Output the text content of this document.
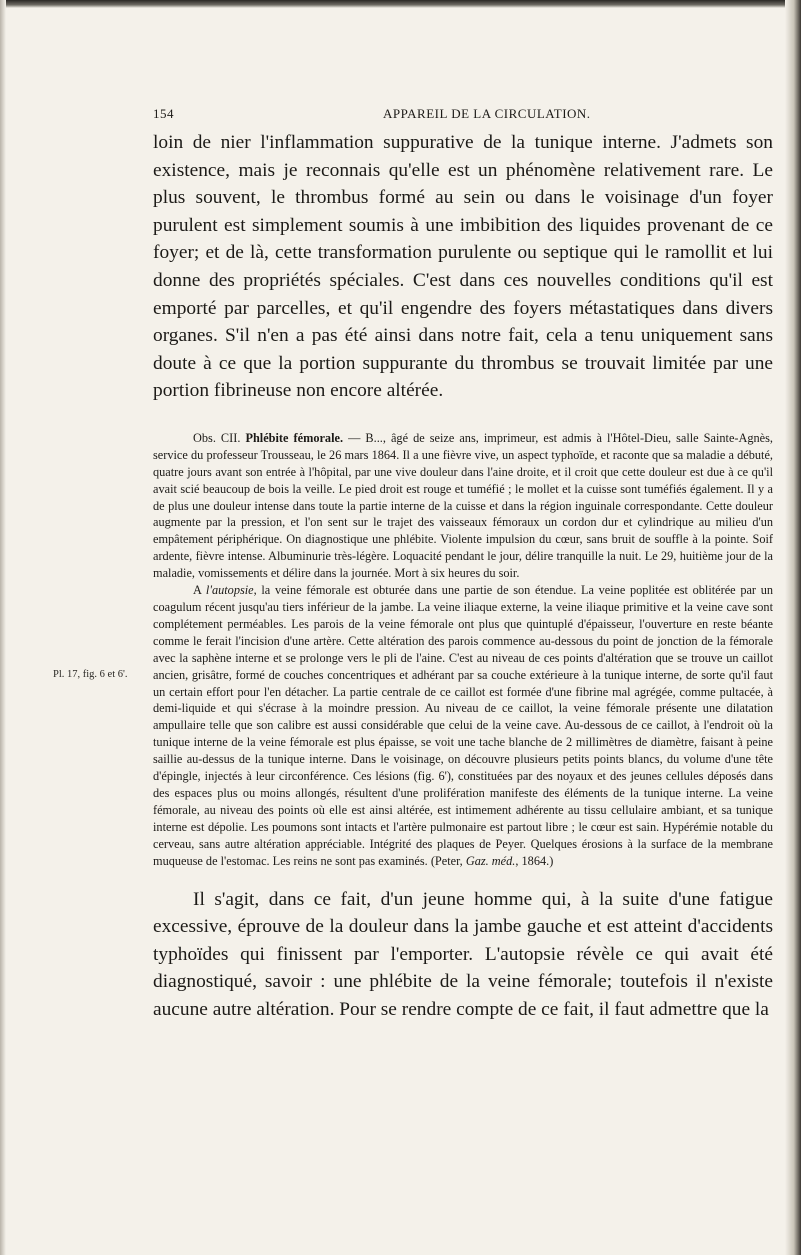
154	APPAREIL DE LA CIRCULATION.
Pl. 17, fig. 6 et 6'.

loin de nier l'inflammation suppurative de la tunique interne. J'admets son existence, mais je reconnais qu'elle est un phénomène relativement rare. Le plus souvent, le thrombus formé au sein ou dans le voisinage d'un foyer purulent est simplement soumis à une imbibition des liquides provenant de ce foyer; et de là, cette transformation purulente ou septique qui le ramollit et lui donne des propriétés spéciales. C'est dans ces nouvelles conditions qu'il est emporté par parcelles, et qu'il engendre des foyers métastatiques dans divers organes. S'il n'en a pas été ainsi dans notre fait, cela a tenu uniquement sans doute à ce que la portion suppurante du thrombus se trouvait limitée par une portion fibrineuse non encore altérée.

Obs. CII. Phlébite fémorale. — B..., âgé de seize ans, imprimeur, est admis à l'Hôtel-Dieu, salle Sainte-Agnès, service du professeur Trousseau, le 26 mars 1864. Il a une fièvre vive, un aspect typhoïde, et raconte que sa maladie a débuté, quatre jours avant son entrée à l'hôpital, par une vive douleur dans l'aine droite, et il croit que cette douleur est due à ce qu'il avait scié beaucoup de bois la veille. Le pied droit est rouge et tuméfié ; le mollet et la cuisse sont tuméfiés également. Il y a de plus une douleur intense dans toute la partie interne de la cuisse et dans la région inguinale correspondante. Cette douleur augmente par la pression, et l'on sent sur le trajet des vaisseaux fémoraux un cordon dur et cylindrique au milieu d'un empâtement périphérique. On diagnostique une phlébite. Violente impulsion du cœur, sans bruit de souffle à la pointe. Soif ardente, fièvre intense. Albuminurie très-légère. Loquacité pendant le jour, délire tranquille la nuit. Le 29, huitième jour de la maladie, vomissements et délire dans la journée. Mort à six heures du soir.

A l'autopsie, la veine fémorale est obturée dans une partie de son étendue. La veine poplitée est oblitérée par un coagulum récent jusqu'au tiers inférieur de la jambe. La veine iliaque externe, la veine iliaque primitive et la veine cave sont complétement perméables. Les parois de la veine fémorale ont plus que quintuplé d'épaisseur, l'ouverture en reste béante comme le ferait l'incision d'une artère. Cette altération des parois commence au-dessous du point de jonction de la fémorale avec la saphène interne et se prolonge vers le pli de l'aine. C'est au niveau de ces points d'altération que se trouve un caillot ancien, grisâtre, formé de couches concentriques et adhérant par sa couche extérieure à la tunique interne, de sorte qu'il faut un certain effort pour l'en détacher. La partie centrale de ce caillot est formée d'une fibrine mal agrégée, comme pultacée, à demi-liquide et qui s'écrase à la moindre pression. Au niveau de ce caillot, la veine fémorale présente une dilatation ampullaire telle que son calibre est aussi considérable que celui de la veine cave. Au-dessous de ce caillot, à l'endroit où la tunique interne de la veine fémorale est plus épaisse, se voit une tache blanche de 2 millimètres de diamètre, faisant à peine saillie au-dessus de la tunique interne. Dans le voisinage, on découvre plusieurs petits points blancs, du volume d'une tête d'épingle, injectés à leur circonférence. Ces lésions (fig. 6'), constituées par des noyaux et des jeunes cellules déposés dans des espaces plus ou moins allongés, résultent d'une prolifération manifeste des éléments de la tunique interne. La veine fémorale, au niveau des points où elle est ainsi altérée, est intimement adhérente au tissu cellulaire ambiant, et sa tunique interne est dépolie. Les poumons sont intacts et l'artère pulmonaire est partout libre ; le cœur est sain. Hypérémie notable du cerveau, sans autre altération appréciable. Intégrité des plaques de Peyer. Quelques érosions à la surface de la membrane muqueuse de l'estomac. Les reins ne sont pas examinés. (Peter, Gaz. méd., 1864.)

Il s'agit, dans ce fait, d'un jeune homme qui, à la suite d'une fatigue excessive, éprouve de la douleur dans la jambe gauche et est atteint d'accidents typhoïdes qui finissent par l'emporter. L'autopsie révèle ce qui avait été diagnostiqué, savoir : une phlébite de la veine fémorale; toutefois il n'existe aucune autre altération. Pour se rendre compte de ce fait, il faut admettre que la
